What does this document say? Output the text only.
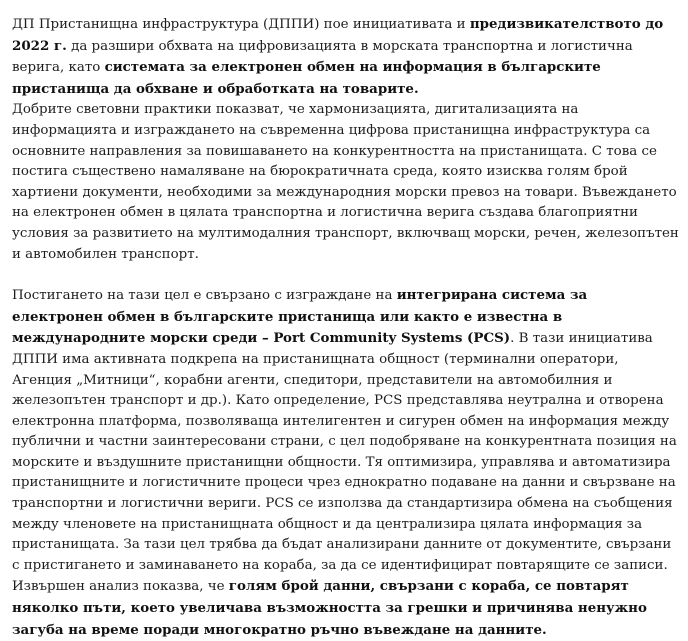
ДП Пристанищна инфраструктура (ДППИ) пое инициативата и предизвикателството до 2022 г. да разшири обхвата на цифровизацията в морската транспортна и логистична верига, като системата за електронен обмен на информация в българските пристанища да обхване и обработката на товарите.

Добрите световни практики показват, че хармонизацията, дигитализацията на информацията и изграждането на съвременна цифрова пристанищна инфраструктура са основните направления за повишаването на конкурентността на пристанищата. С това се постига съществено намаляване на бюрократичната среда, която изисква голям брой хартиени документи, необходими за международния морски превоз на товари. Въвеждането на електронен обмен в цялата транспортна и логистична верига създава благоприятни условия за развитието на мултимодалния транспорт, включващ морски, речен, железопътен и автомобилен транспорт.

Постигането на тази цел е свързано с изграждане на интегрирана система за електронен обмен в българските пристанища или както е известна в международните морски среди – Port Community Systems (PCS). В тази инициатива ДППИ има активната подкрепа на пристанищната общност (терминални оператори, Агенция „Митници“, корабни агенти, спедитори, представители на автомобилния и железопътен транспорт и др.). Като определение, PCS представлява неутрална и отворена електронна платформа, позволяваща интелигентен и сигурен обмен на информация между публични и частни заинтересовани страни, с цел подобряване на конкурентната позиция на морските и въздушните пристанищни общности. Тя оптимизира, управлява и автоматизира пристанищните и логистичните процеси чрез еднократно подаване на данни и свързване на транспортни и логистични вериги. PCS се използва да стандартизира обмена на съобщения между членовете на пристанищната общност и да централизира цялата информация за пристанищата. За тази цел трябва да бъдат анализирани данните от документите, свързани с пристигането и заминаването на кораба, за да се идентифицират повтарящите се записи. Извършен анализ показва, че голям брой данни, свързани с кораба, се повтарят няколко пъти, което увеличава възможността за грешки и причинява ненужно загуба на време поради многократно ръчно въвеждане на данните.
